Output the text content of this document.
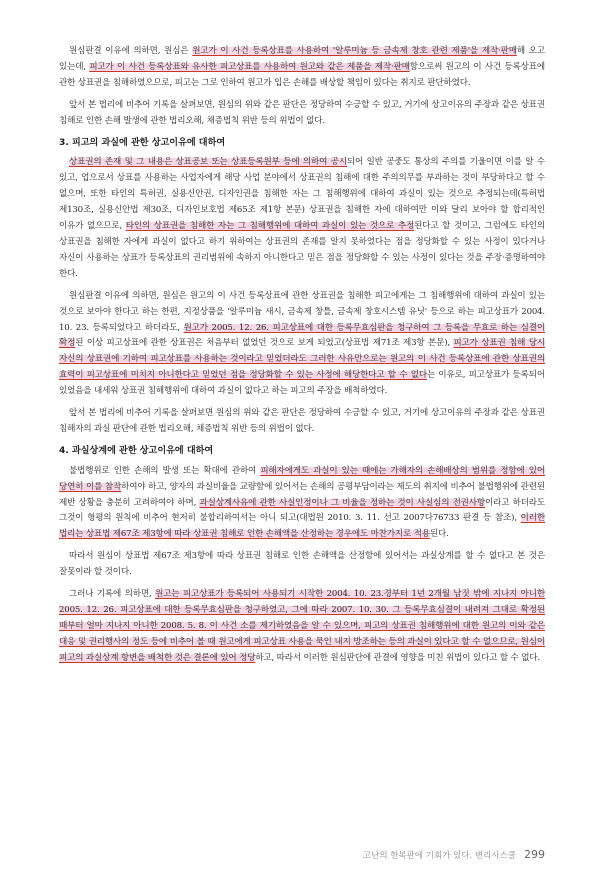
원심판결 이유에 의하면, 원심은 원고가 이 사건 등록상표를 사용하여 '알루미늄 등 금속제 창호 관련 제품'을 제작·판매해 오고 있는데, 피고가 이 사건 등록상표와 유사한 피고상표를 사용하여 원고와 같은 제품을 제작·판매함으로써 원고의 이 사건 등록상표에 관한 상표권을 침해하였으므로, 피고는 그로 인하여 원고가 입은 손해를 배상할 책임이 있다는 취지로 판단하였다.

앞서 본 법리에 비추어 기록을 살펴보면, 원심의 위와 같은 판단은 정당하여 수긍할 수 있고, 거기에 상고이유의 주장과 같은 상표권 침해로 인한 손해 발생에 관한 법리오해, 채증법칙 위반 등의 위법이 없다.

3. 피고의 과실에 관한 상고이유에 대하여

상표권의 존재 및 그 내용은 상표공보 또는 상표등록원부 등에 의하여 공시되어 일반 공중도 통상의 주의를 기울이면 이를 알 수 있고, 업으로서 상표를 사용하는 사업자에게 해당 사업 분야에서 상표권의 침해에 대한 주의의무를 부과하는 것이 부당하다고 할 수 없으며, 또한 타인의 특허권, 실용신안권, 디자인권을 침해한 자는 그 침해행위에 대하여 과실이 있는 것으로 추정되는데(특허법 제130조, 실용신안법 제30조, 디자인보호법 제65조 제1항 본문) 상표권을 침해한 자에 대하여만 이와 달리 보아야 할 합리적인 이유가 없으므로, 타인의 상표권을 침해한 자는 그 침해행위에 대하여 과실이 있는 것으로 추정된다고 할 것이고, 그럼에도 타인의 상표권을 침해한 자에게 과실이 없다고 하기 위하여는 상표권의 존재를 알지 못하였다는 점을 정당화할 수 있는 사정이 있다거나 자신이 사용하는 상표가 등록상표의 권리범위에 속하지 아니한다고 믿은 점을 정당화할 수 있는 사정이 있다는 것을 주장·증명하여야 한다.

원심판결 이유에 의하면, 원심은 원고의 이 사건 등록상표에 관한 상표권을 침해한 피고에게는 그 침해행위에 대하여 과실이 있는 것으로 보아야 한다고 하는 한편, 지정상품을 '알루미늄 새시, 금속제 창틀, 금속제 창호시스템 유닛' 등으로 하는 피고상표가 2004. 10. 23. 등록되었다고 하더라도, 원고가 2005. 12. 26. 피고상표에 대한 등록무효심판을 청구하여 그 등록을 무효로 하는 심결이 확정된 이상 피고상표에 관한 상표권은 처음부터 없었던 것으로 보게 되었고(상표법 제71조 제3항 본문), 피고가 상표권 침해 당시 자신의 상표권에 기하여 피고상표를 사용하는 것이라고 믿었더라도 그러한 사유만으로는 원고의 이 사건 등록상표에 관한 상표권의 효력이 피고상표에 미치지 아니한다고 믿었던 점을 정당화할 수 있는 사정에 해당한다고 할 수 없다는 이유로, 피고상표가 등록되어 있었음을 내세워 상표권 침해행위에 대하여 과실이 없다고 하는 피고의 주장을 배척하였다.

앞서 본 법리에 비추어 기록을 살펴보면 원심의 위와 같은 판단은 정당하여 수긍할 수 있고, 거기에 상고이유의 주장과 같은 상표권 침해자의 과실 판단에 관한 법리오해, 채증법칙 위반 등의 위법이 없다.

4. 과실상계에 관한 상고이유에 대하여

불법행위로 인한 손해의 발생 또는 확대에 관하여 피해자에게도 과실이 있는 때에는 가해자의 손해배상의 범위를 정함에 있어 당연히 이를 참작하여야 하고, 양자의 과실비율을 교량함에 있어서는 손해의 공평부담이라는 제도의 취지에 비추어 불법행위에 관련된 제반 상황을 충분히 고려하여야 하며, 과실상계사유에 관한 사실인정이나 그 비율을 정하는 것이 사실심의 전권사항이라고 하더라도 그것이 형평의 원칙에 비추어 현저히 불합리하여서는 아니 되고(대법원 2010. 3. 11. 선고 2007다76733 판결 등 참조), 이러한 법리는 상표법 제67조 제3항에 따라 상표권 침해로 인한 손해액을 산정하는 경우에도 마찬가지로 적용된다.

따라서 원심이 상표법 제67조 제3항에 따라 상표권 침해로 인한 손해액을 산정함에 있어서는 과실상계를 할 수 없다고 본 것은 잘못이라 할 것이다.

그러나 기록에 의하면, 원고는 피고상표가 등록되어 사용되기 시작한 2004. 10. 23.경부터 1년 2개월 남짓 밖에 지나지 아니한 2005. 12. 26. 피고상표에 대한 등록무효심판을 청구하였고, 그에 따라 2007. 10. 30. 그 등록무효심결이 내려져 그대로 확정된 때부터 얼마 지나지 아니한 2008. 5. 8. 이 사건 소를 제기하였음을 알 수 있으며, 피고의 상표권 침해행위에 대한 원고의 이와 같은 대응 및 권리행사의 정도 등에 비추어 볼 때 원고에게 피고상표 사용을 묵인 내지 방조하는 등의 과실이 있다고 할 수 없으므로, 원심이 피고의 과실상계 항변을 배척한 것은 결론에 있어 정당하고, 따라서 이러한 원심판단에 관결에 영향을 미친 위법이 있다고 할 수 없다.

고난의 한복판에 기회가 있다. 변리사스쿨 299
